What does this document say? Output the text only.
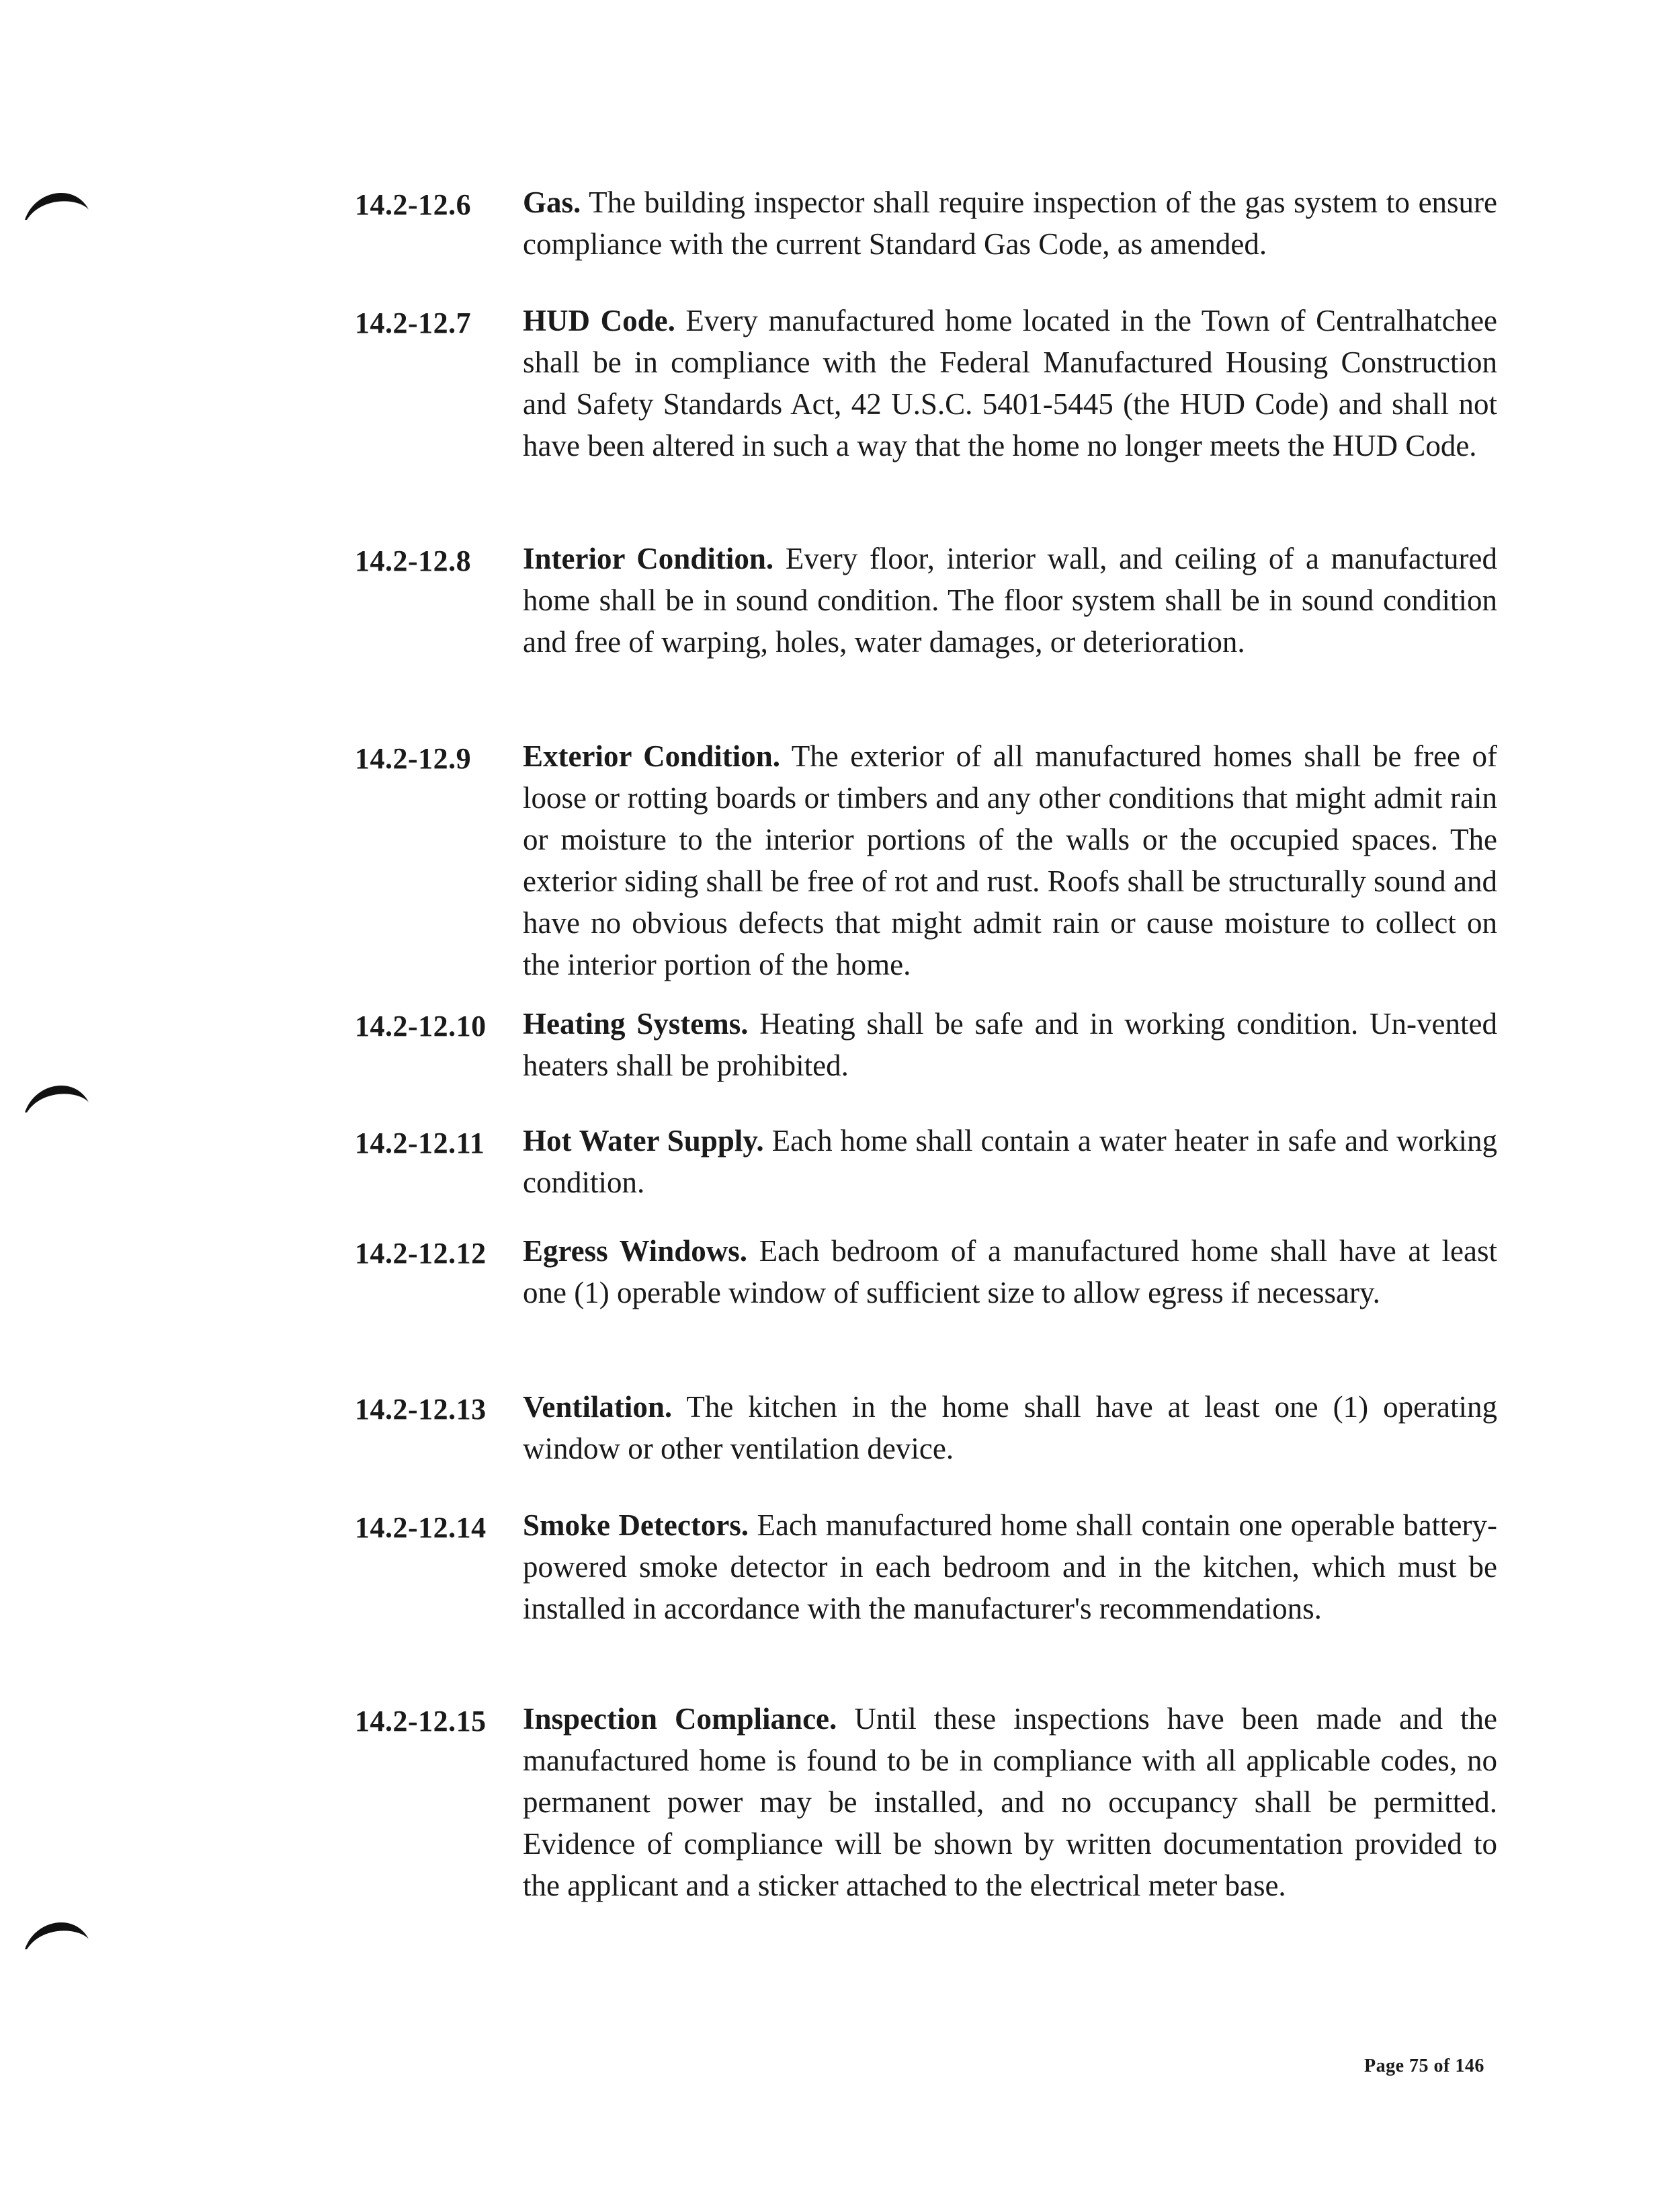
14.2-12.6	Gas. The building inspector shall require inspection of the gas system to ensure compliance with the current Standard Gas Code, as amended.
14.2-12.7	HUD Code. Every manufactured home located in the Town of Centralhatchee shall be in compliance with the Federal Manufactured Housing Construction and Safety Standards Act, 42 U.S.C. 5401-5445 (the HUD Code) and shall not have been altered in such a way that the home no longer meets the HUD Code.
14.2-12.8	Interior Condition. Every floor, interior wall, and ceiling of a manufactured home shall be in sound condition. The floor system shall be in sound condition and free of warping, holes, water damages, or deterioration.
14.2-12.9	Exterior Condition. The exterior of all manufactured homes shall be free of loose or rotting boards or timbers and any other conditions that might admit rain or moisture to the interior portions of the walls or the occupied spaces. The exterior siding shall be free of rot and rust. Roofs shall be structurally sound and have no obvious defects that might admit rain or cause moisture to collect on the interior portion of the home.
14.2-12.10	Heating Systems. Heating shall be safe and in working condition. Un-vented heaters shall be prohibited.
14.2-12.11	Hot Water Supply. Each home shall contain a water heater in safe and working condition.
14.2-12.12	Egress Windows. Each bedroom of a manufactured home shall have at least one (1) operable window of sufficient size to allow egress if necessary.
14.2-12.13	Ventilation. The kitchen in the home shall have at least one (1) operating window or other ventilation device.
14.2-12.14	Smoke Detectors. Each manufactured home shall contain one operable battery-powered smoke detector in each bedroom and in the kitchen, which must be installed in accordance with the manufacturer's recommendations.
14.2-12.15	Inspection Compliance. Until these inspections have been made and the manufactured home is found to be in compliance with all applicable codes, no permanent power may be installed, and no occupancy shall be permitted. Evidence of compliance will be shown by written documentation provided to the applicant and a sticker attached to the electrical meter base.
Page 75 of 146
